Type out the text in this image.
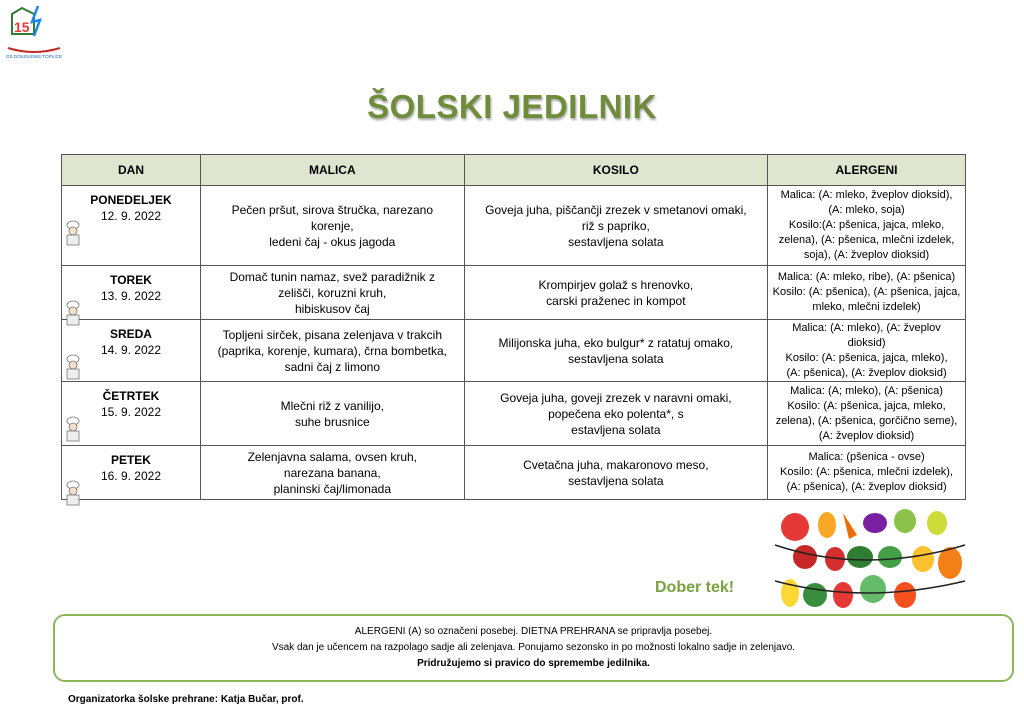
15
OŠ DOLENJSKE TOPLICE
ŠOLSKI JEDILNIK
DAN	MALICA	KOSILO	ALERGENI

PONEDELJEK
12. 9. 2022	Pečen pršut, sirova štručka, narezano
korenje,
ledeni čaj - okus jagoda	Goveja juha, piščančji zrezek v smetanovi omaki,
riž s papriko,
sestavljena solata	Malica: (A: mleko, žveplov dioksid),
(A: mleko, soja)
Kosilo:(A: pšenica, jajca, mleko,
zelena), (A: pšenica, mlečni izdelek,
soja), (A: žveplov dioksid)

TOREK
13. 9. 2022	Domač tunin namaz, svež paradižnik z
zelišči, koruzni kruh,
hibiskusov čaj	Krompirjev golaž s hrenovko,
carski praženec in kompot	Malica: (A: mleko, ribe), (A: pšenica)
Kosilo: (A: pšenica), (A: pšenica, jajca,
mleko, mlečni izdelek)

SREDA
14. 9. 2022	Topljeni sirček, pisana zelenjava v trakcih
(paprika, korenje, kumara), črna bombetka,
sadni čaj z limono	Milijonska juha, eko bulgur* z ratatuj omako,
sestavljena solata	Malica: (A: mleko), (A: žveplov
dioksid)
Kosilo: (A: pšenica, jajca, mleko),
(A: pšenica), (A: žveplov dioksid)

ČETRTEK
15. 9. 2022	Mlečni riž z vanilijo,
suhe brusnice	Goveja juha, goveji zrezek v naravni omaki,
popečena eko polenta*, s
estavljena solata	Malica: (A; mleko), (A: pšenica)
Kosilo: (A: pšenica, jajca, mleko,
zelena), (A: pšenica, gorčično seme),
(A: žveplov dioksid)

PETEK
16. 9. 2022	Zelenjavna salama, ovsen kruh,
narezana banana,
planinski čaj/limonada	Cvetačna juha, makaronovo meso,
sestavljena solata	Malica: (pšenica - ovse)
Kosilo: (A: pšenica, mlečni izdelek),
(A: pšenica), (A: žveplov dioksid)
Dober tek!
ALERGENI (A) so označeni posebej. DIETNA PREHRANA se pripravlja posebej.
Vsak dan je učencem na razpolago sadje ali zelenjava. Ponujamo sezonsko in po možnosti lokalno sadje in zelenjavo.
Pridružujemo si pravico do spremembe jedilnika.
Organizatorka šolske prehrane: Katja Bučar, prof.
